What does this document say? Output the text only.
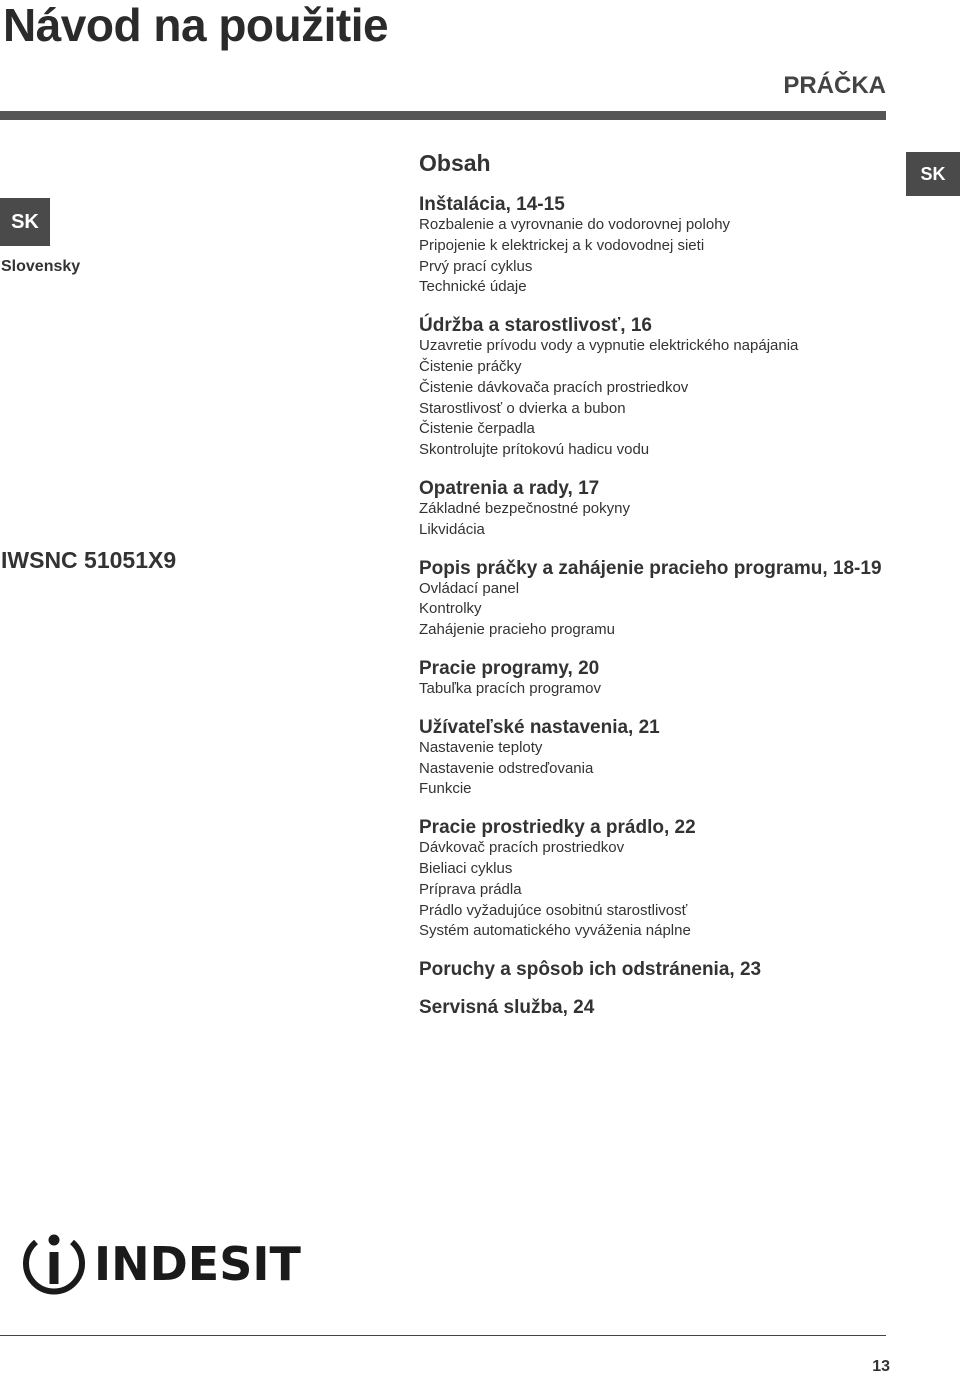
Návod na použitie
PRÁČKA
SK
SK
Slovensky
IWSNC 51051X9
Obsah
Inštalácia, 14-15
Rozbalenie a vyrovnanie do vodorovnej polohy
Pripojenie k elektrickej a k vodovodnej sieti
Prvý prací cyklus
Technické údaje
Údržba a starostlivosť, 16
Uzavretie prívodu vody a vypnutie elektrického napájania
Čistenie práčky
Čistenie dávkovača pracích prostriedkov
Starostlivosť o dvierka a bubon
Čistenie čerpadla
Skontrolujte prítokovú hadicu vodu
Opatrenia a rady, 17
Základné bezpečnostné pokyny
Likvidácia
Popis práčky a zahájenie pracieho programu, 18-19
Ovládací panel
Kontrolky
Zahájenie pracieho programu
Pracie programy, 20
Tabuľka pracích programov
Užívateľské nastavenia, 21
Nastavenie teploty
Nastavenie odstreďovania
Funkcie
Pracie prostriedky a prádlo, 22
Dávkovač pracích prostriedkov
Bieliaci cyklus
Príprava prádla
Prádlo vyžadujúce osobitnú starostlivosť
Systém automatického vyváženia náplne
Poruchy a spôsob ich odstránenia, 23
Servisná služba, 24
INDESIT
13
